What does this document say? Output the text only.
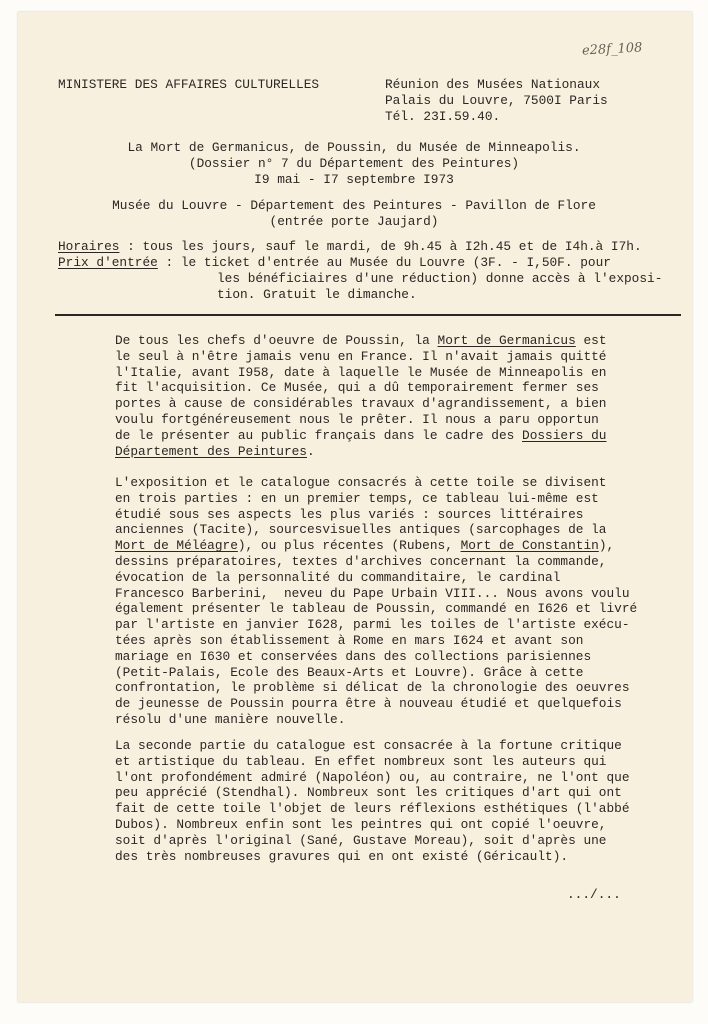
e28f_108
MINISTERE DES AFFAIRES CULTURELLES	Réunion des Musées Nationaux
Palais du Louvre, 7500I Paris
Tél. 23I.59.40.
La Mort de Germanicus, de Poussin, du Musée de Minneapolis.
(Dossier n° 7 du Département des Peintures)
I9 mai - I7 septembre I973
Musée du Louvre - Département des Peintures - Pavillon de Flore
(entrée porte Jaujard)
Horaires : tous les jours, sauf le mardi, de 9h.45 à I2h.45 et de I4h.à I7h.
Prix d'entrée : le ticket d'entrée au Musée du Louvre (3F. - I,50F. pour
les bénéficiaires d'une réduction) donne accès à l'exposi-
tion. Gratuit le dimanche.
De tous les chefs d'oeuvre de Poussin, la Mort de Germanicus est
le seul à n'être jamais venu en France. Il n'avait jamais quitté
l'Italie, avant I958, date à laquelle le Musée de Minneapolis en
fit l'acquisition. Ce Musée, qui a dû temporairement fermer ses
portes à cause de considérables travaux d'agrandissement, a bien
voulu fortgénéreusement nous le prêter. Il nous a paru opportun
de le présenter au public français dans le cadre des Dossiers du
Département des Peintures.
L'exposition et le catalogue consacrés à cette toile se divisent
en trois parties : en un premier temps, ce tableau lui-même est
étudié sous ses aspects les plus variés : sources littéraires
anciennes (Tacite), sourcesvisuelles antiques (sarcophages de la
Mort de Méléagre), ou plus récentes (Rubens, Mort de Constantin),
dessins préparatoires, textes d'archives concernant la commande,
évocation de la personnalité du commanditaire, le cardinal
Francesco Barberini,  neveu du Pape Urbain VIII... Nous avons voulu
également présenter le tableau de Poussin, commandé en I626 et livré
par l'artiste en janvier I628, parmi les toiles de l'artiste exécu-
tées après son établissement à Rome en mars I624 et avant son
mariage en I630 et conservées dans des collections parisiennes
(Petit-Palais, Ecole des Beaux-Arts et Louvre). Grâce à cette
confrontation, le problème si délicat de la chronologie des oeuvres
de jeunesse de Poussin pourra être à nouveau étudié et quelquefois
résolu d'une manière nouvelle.
La seconde partie du catalogue est consacrée à la fortune critique
et artistique du tableau. En effet nombreux sont les auteurs qui
l'ont profondément admiré (Napoléon) ou, au contraire, ne l'ont que
peu apprécié (Stendhal). Nombreux sont les critiques d'art qui ont
fait de cette toile l'objet de leurs réflexions esthétiques (l'abbé
Dubos). Nombreux enfin sont les peintres qui ont copié l'oeuvre,
soit d'après l'original (Sané, Gustave Moreau), soit d'après une
des très nombreuses gravures qui en ont existé (Géricault).
.../...
